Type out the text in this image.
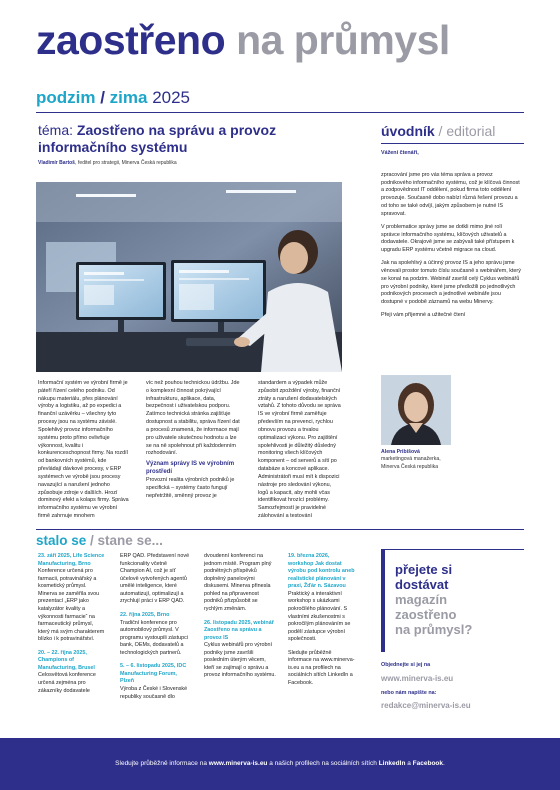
zaostřeno na průmysl
podzim / zima 2025
téma: Zaostřeno na správu a provoz informačního systému
Vladimír Bartoš, ředitel pro strategii, Minerva Česká republika
Informační systém ve výrobní firmě je páteří řízení celého podniku. Od nákupu materiálu, přes plánování výroby a logistiku, až po expedici a finanční uzávěrku – všechny tyto procesy jsou na systému závislé. Spolehlivý provoz informačního systému proto přímo ovlivňuje výkonnost, kvalitu i konkurenceschopnost firmy. Na rozdíl od bankovních systémů, kde převládají dávkové procesy, v ERP systémech ve výrobě jsou procesy navazující a narušení jednoho způsobuje zdroje v dalších. Hrozí dominový efekt a kolaps firmy. Správa informačního systému ve výrobní firmě zahrnuje mnohem
víc než pouhou technickou údržbu. Jde o komplexní činnost pokrývající infrastrukturu, aplikace, data, bezpečnost i uživatelskou podporu. Zatímco technická stránka zajišťuje dostupnost a stabilitu, správa řízení dat a procesů znamená, že informace mají pro uživatele skutečnou hodnotu a lze se na ně spolehnout při každodenním rozhodování.
Význam správy IS ve výrobním prostředí
Provozní realita výrobních podniků je specifická – systémy často fungují nepřetržitě, směnný provoz je
standardem a výpadek může způsobit zpoždění výroby, finanční ztráty a narušení dodavatelských vztahů. Z tohoto důvodu se správa IS ve výrobní firmě zaměřuje především na prevenci, rychlou obnovu provozu a trvalou optimalizaci výkonu. Pro zajištění spolehlivosti je důležitý důsledný monitoring všech klíčových komponent – od serverů a sítí po databáze a koncové aplikace. Administrátoři musí mít k dispozici nástroje pro sledování výkonu, logů a kapacit, aby mohli včas identifikovat hrozící problémy. Samozřejmostí je pravidelné zálohování a testování
úvodník / editorial

Vážení čtenáři,

zpracování jsme pro vás téma správa a provoz podnikového informačního systému, což je klíčová činnost a zodpovědnost IT oddělení, pokud firma toto oddělení provozuje. Současně dobo nabízí různá řešení provozu a od toho se také odvíjí, jakým způsobem je nutné IS spravovat.

V problematice správy jsme se dotkli mimo jiné rolí správce informačního systému, klíčových uživatelů a dodavatele. Okrajově jsme se zabývali také přístupem k upgradu ERP systému včetně migrace na cloud.

Jak na spolehlivý a účinný provoz IS a jeho správu jsme věnovali prostor tomuto číslu současně s webinářem, který se konal na podzim. Webinář završil celý Cyklus webinářů pro výrobní podniky, které jsme předložili po jednotlivých podnikových procesech a jednotlivé webináře jsou dostupné v podobě záznamů na webu Minervy.

Přeji vám příjemné a užitečné čtení

Alena Pribišová
marketingová manažerka,
Minerva Česká republika
stalo se / stane se...
23. září 2025, Life Science Manufacturing, Brno
Konference určená pro farmacii, potravinářský a kosmetický průmysl. Minerva se zaměřila svou prezentací „ERP jako katalyzátor kvality a výkonnosti farmacie“ na farmaceutický průmysl, který má svým charakterem blízko i k potravinářství.
20. – 22. října 2025, Champions of Manufacturing, Brusel
Celosvětová konference určená zejména pro zákazníky dodavatele
ERP QAD. Představení nové funkcionality včetně Champion AI, což je síť účelově vytvořených agentů umělé inteligence, které automatizují, optimalizují a zrychlují práci v ERP QAD.
22. října 2025, Brno
Tradiční konference pro automobilový průmysl. V programu vystoupili zástupci bank, OEMs, dodavatelů a technologických partnerů.
5. – 6. listopadu 2025, IDC Manufacturing Forum, Plzeň
Výroba z České i Slovenské republiky současně dlo
dvoudenní konferenci na jednom místě. Program plný podnětných příspěvků doplněný panelovými diskusemi. Minerva přinesla pohled na připravenost podniků přizpůsobit se rychlým změnám.
26. listopadu 2025, webinář Zaostřeno na správu a provoz IS
Cyklus webinářů pro výrobní podniky jsme završili posledním úterým věcem, kteří se zajímají o správu a provoz informačního systému.
19. března 2026, workshop Jak dostat výrobu pod kontrolu aneb realistické plánování v praxi, Žďár n. Sázavou
Praktický a interaktivní workshop s ukázkami pokročilého plánování. S vlastními zkušenostmi s pokročilým plánováním se podělí zástupce výrobní společnosti.
Sledujte průběžně informace na www.minerva-is.eu a na profilech na sociálních sítích LinkedIn a Facebook.
přejete si
dostávat
magazín
zaostřeno
na průmysl?
Objednejte si jej na
www.minerva-is.eu
nebo nám napište na:
redakce@minerva-is.eu
Sledujte průběžně informace na www.minerva-is.eu a našich profilech na sociálních sítích LinkedIn a Facebook.
